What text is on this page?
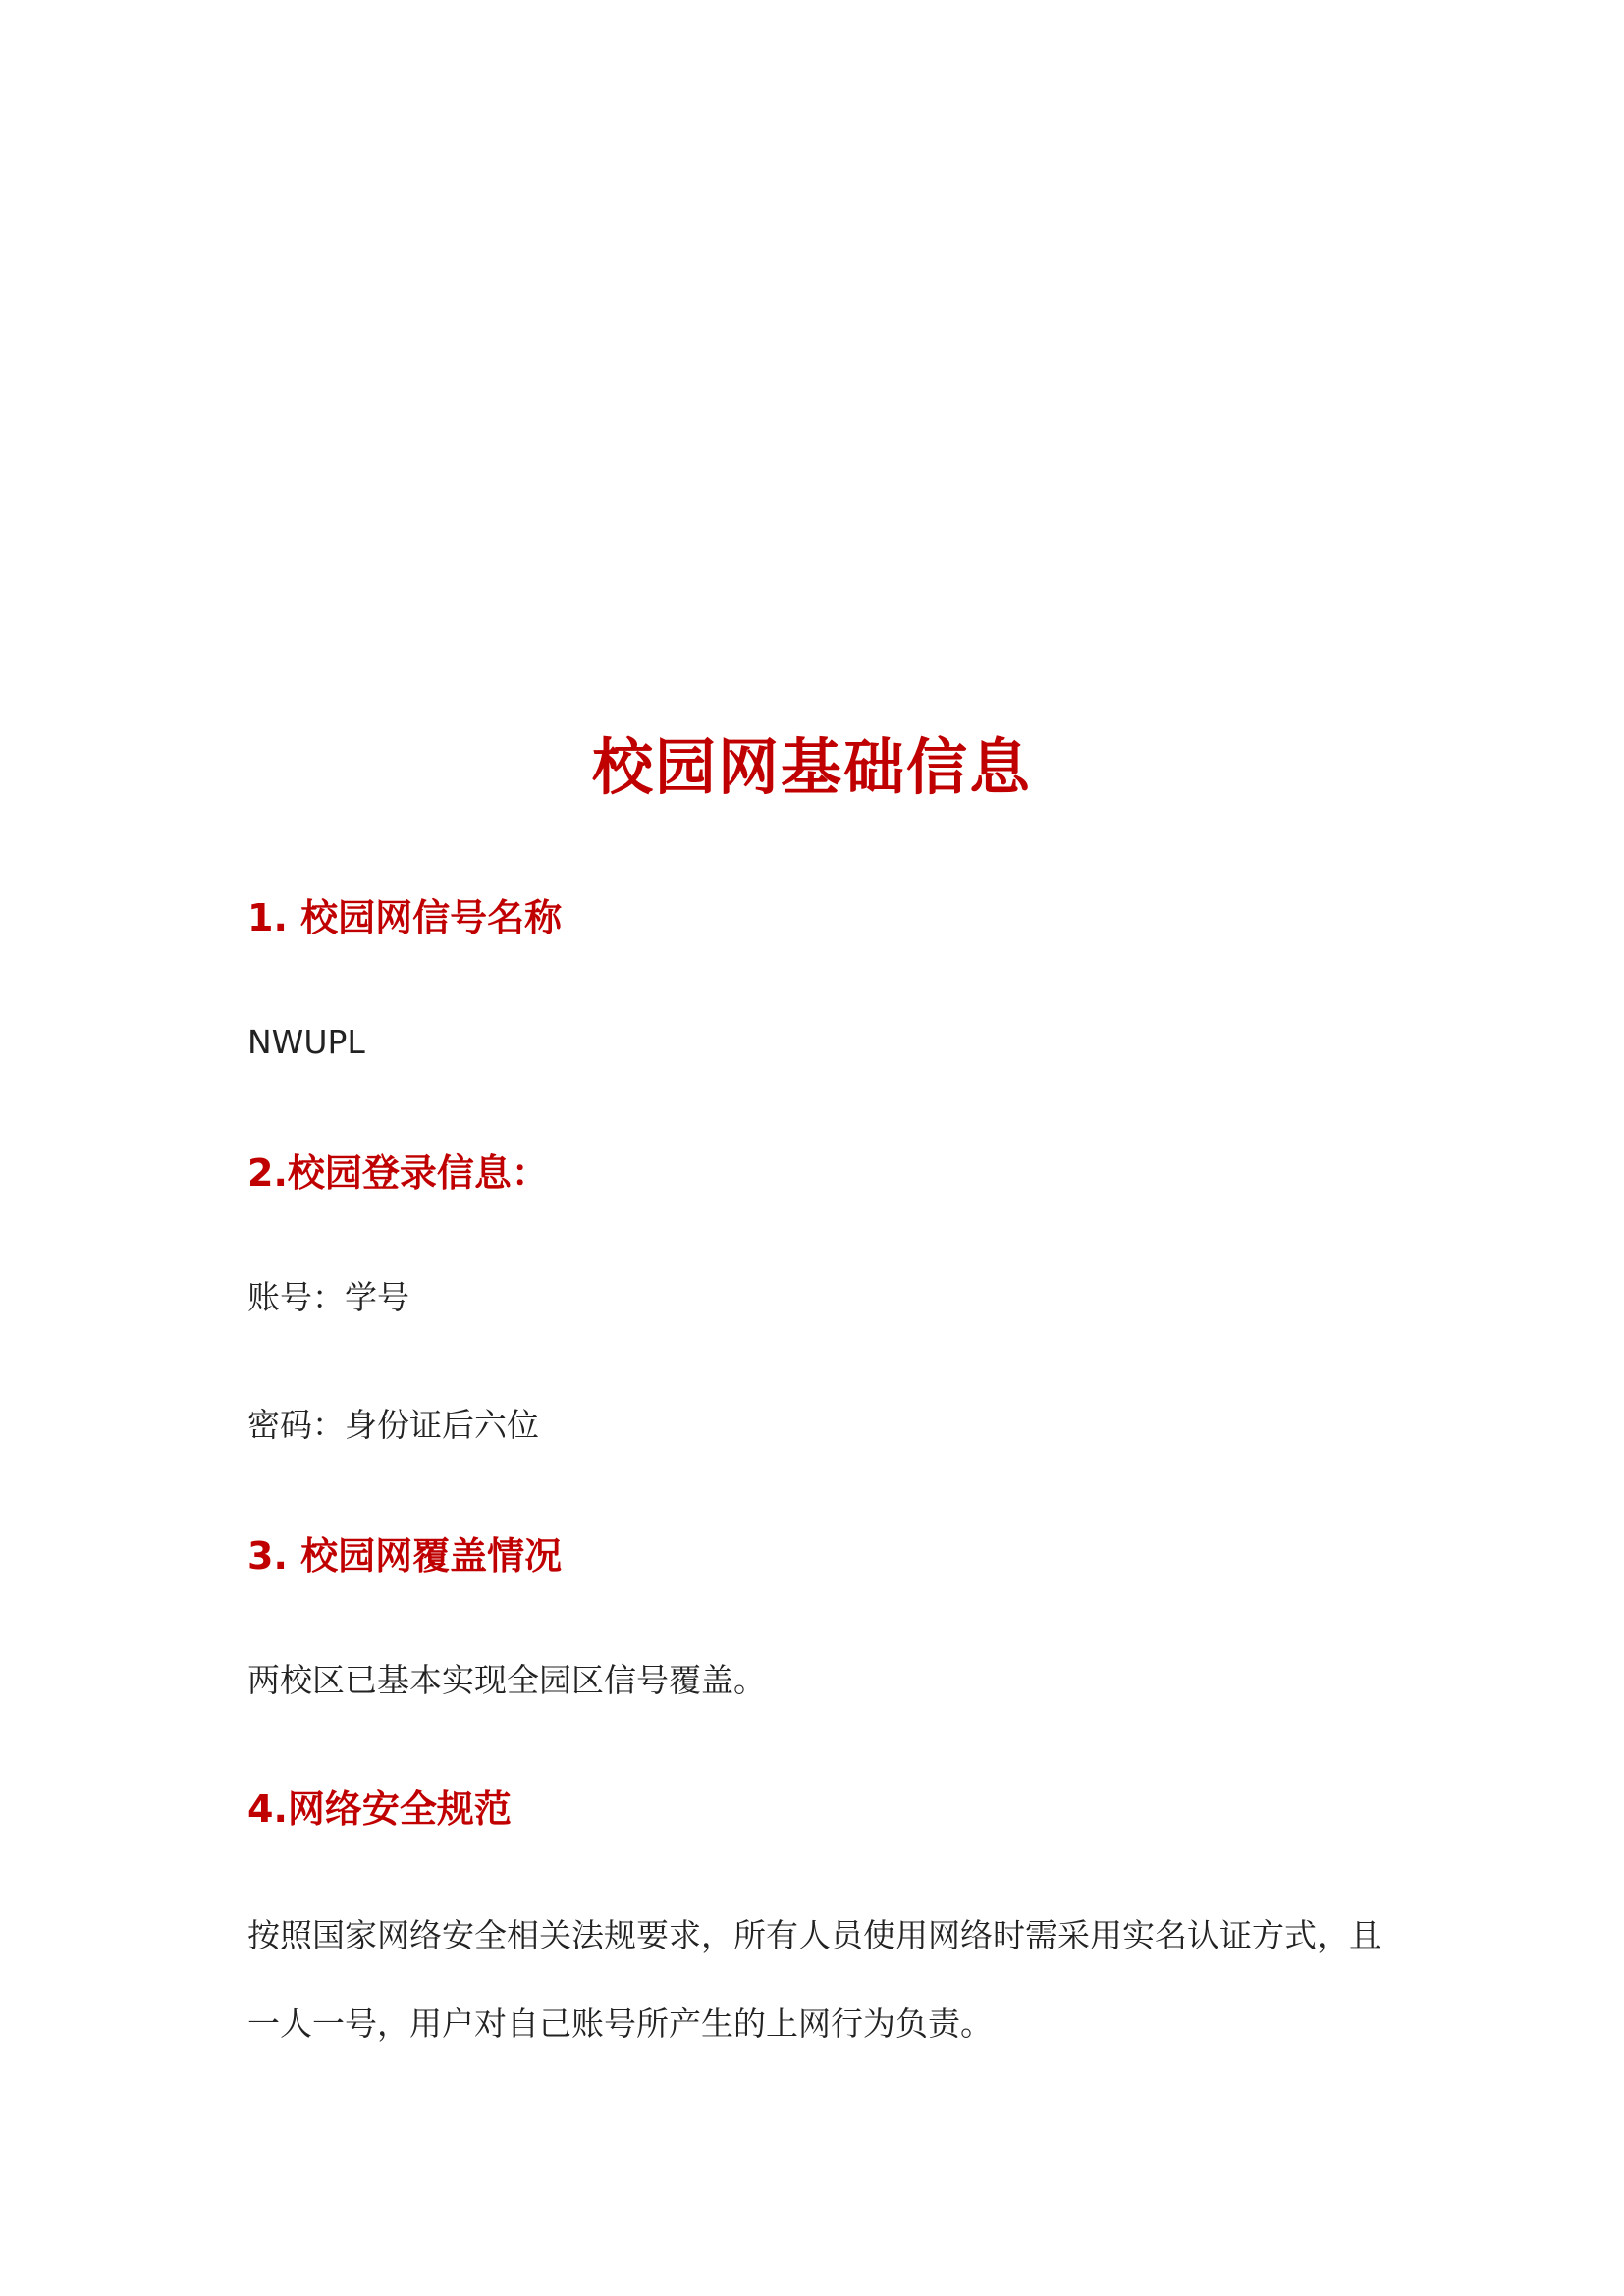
校园网基础信息
1. 校园网信号名称
NWUPL
2.校园登录信息：
账号：学号
密码：身份证后六位
3. 校园网覆盖情况
两校区已基本实现全园区信号覆盖。
4.网络安全规范
按照国家网络安全相关法规要求，所有人员使用网络时需采用实名认证方式，且
一人一号，用户对自己账号所产生的上网行为负责。
